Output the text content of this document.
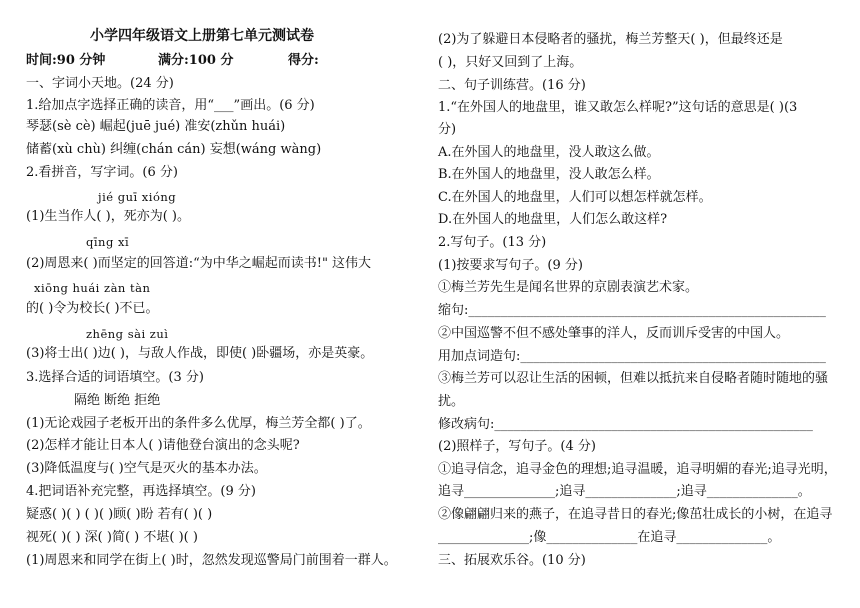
小学四年级语文上册第七单元测试卷
时间:90 分钟	满分:100 分	得分:
一、字词小天地。(24 分)
1.给加点字选择正确的读音，用“___”画出。(6 分)
琴瑟(sè cè) 崛起(juē jué) 准安(zhǔn huái)
储蓄(xù chù) 纠缠(chán cán) 妄想(wáng wàng)
2.看拼音，写字词。(6 分)
jié guī xióng
(1)生当作人( )，死亦为( )。
qīng xī
(2)周恩来( )而坚定的回答道:“为中华之崛起而读书!" 这伟大
xiōng huái zàn tàn
的( )令为校长( )不已。
zhēng sài zuì
(3)将士出( )边( )，与敌人作战，即使( )卧疆场，亦是英豪。
3.选择合适的词语填空。(3 分)
隔绝 断绝 拒绝
(1)无论戏园子老板开出的条件多么优厚，梅兰芳全都( )了。
(2)怎样才能让日本人( )请他登台演出的念头呢?
(3)降低温度与( )空气是灭火的基本办法。
4.把词语补充完整，再选择填空。(9 分)
疑惑( )( ) ( )( )顾( )盼 若有( )( )
视死( )( ) 深( )简( ) 不堪( )( )
(1)周恩来和同学在街上( )时，忽然发现巡警局门前围着一群人。
(2)为了躲避日本侵略者的骚扰，梅兰芳整天( )，但最终还是
( )，只好又回到了上海。
二、句子训练营。(16 分)
1.“在外国人的地盘里，谁又敢怎么样呢?”这句话的意思是( )(3
分)
A.在外国人的地盘里，没人敢这么做。
B.在外国人的地盘里，没人敢怎么样。
C.在外国人的地盘里，人们可以想怎样就怎样。
D.在外国人的地盘里，人们怎么敢这样?
2.写句子。(13 分)
(1)按要求写句子。(9 分)
①梅兰芳先生是闻名世界的京剧表演艺术家。
缩句:_______________________________________________________
②中国巡警不但不感处肇事的洋人，反而训斥受害的中国人。
用加点词造句:_______________________________________________
③梅兰芳可以忍让生活的困顿，但难以抵抗来自侵略者随时随地的骚
扰。
修改病句:_________________________________________________
(2)照样子，写句子。(4 分)
①追寻信念，追寻金色的理想;追寻温暖，追寻明媚的春光;追寻光明，
追寻______________;追寻______________;追寻______________。
②像翩翩归来的燕子，在追寻昔日的春光;像茁壮成长的小树，在追寻
______________;像______________在追寻______________。
三、拓展欢乐谷。(10 分)
